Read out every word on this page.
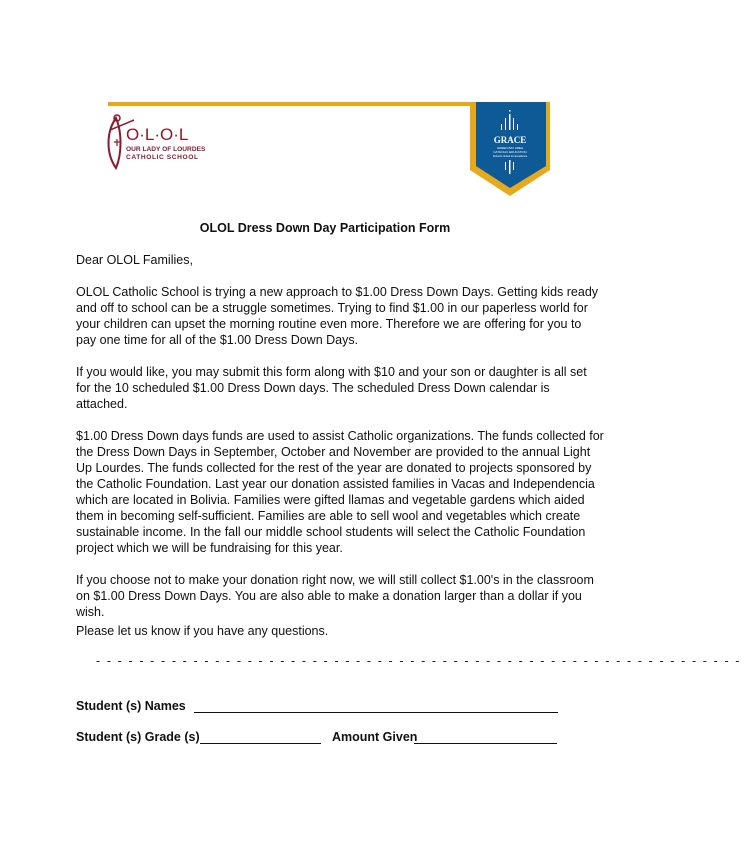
O·L·O·L
OUR LADY OF LOURDES
CATHOLIC SCHOOL
GRACE
GREEN BAY AREA
CATHOLIC EDUCATION
Schools United for Excellence
OLOL Dress Down Day Participation Form
Dear OLOL Families,
OLOL Catholic School is trying a new approach to $1.00 Dress Down Days. Getting kids ready
and off to school can be a struggle sometimes. Trying to find $1.00 in our paperless world for
your children can upset the morning routine even more. Therefore we are offering for you to
pay one time for all of the $1.00 Dress Down Days.
If you would like, you may submit this form along with $10 and your son or daughter is all set
for the 10 scheduled $1.00 Dress Down days. The scheduled Dress Down calendar is
attached.
$1.00 Dress Down days funds are used to assist Catholic organizations. The funds collected for
the Dress Down Days in September, October and November are provided to the annual Light
Up Lourdes. The funds collected for the rest of the year are donated to projects sponsored by
the Catholic Foundation. Last year our donation assisted families in Vacas and Independencia
which are located in Bolivia. Families were gifted llamas and vegetable gardens which aided
them in becoming self-sufficient. Families are able to sell wool and vegetables which create
sustainable income. In the fall our middle school students will select the Catholic Foundation
project which we will be fundraising for this year.
If you choose not to make your donation right now, we will still collect $1.00's in the classroom
on $1.00 Dress Down Days. You are also able to make a donation larger than a dollar if you
wish.
Please let us know if you have any questions.
- - - - - - - - - - - - - - - - - - - - - - - - - - - - - - - - - - - - - - - - - - - - - - - - - - - - - - - - - - - -
Student (s) Names
Student (s) Grade (s)	Amount Given
